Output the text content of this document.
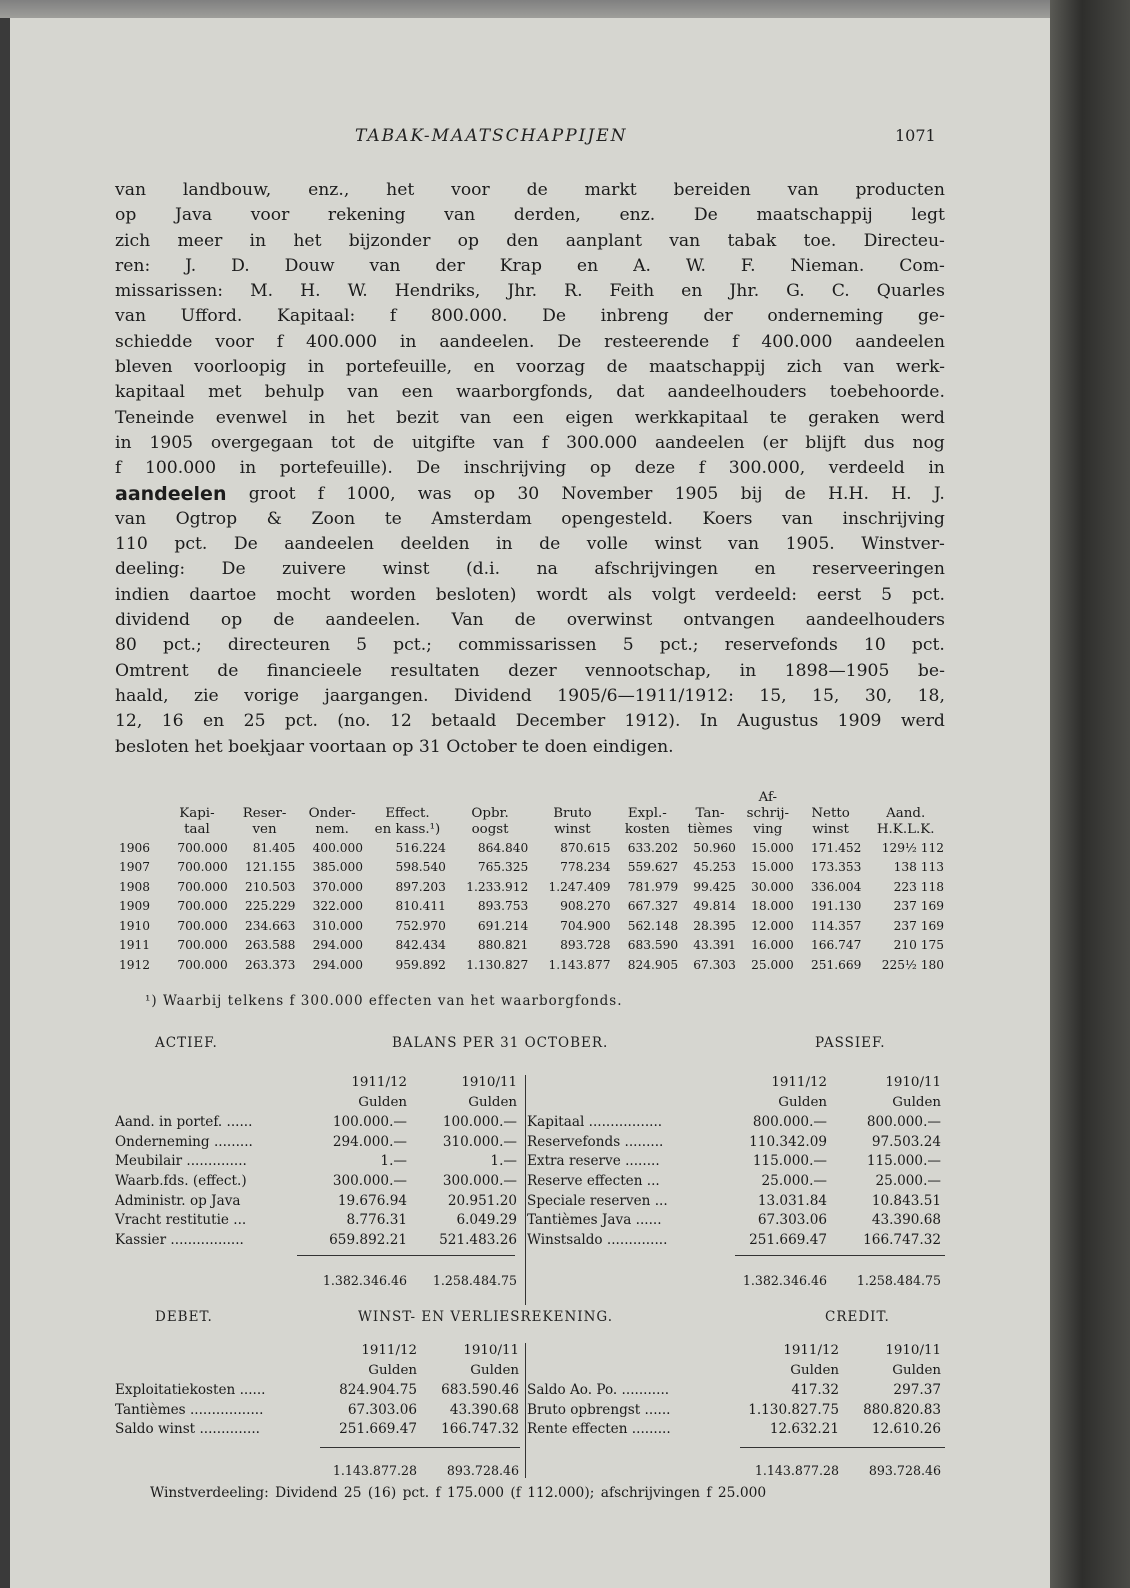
TABAK-MAATSCHAPPIJEN	1071
van landbouw, enz., het voor de markt bereiden van producten
op Java voor rekening van derden, enz. De maatschappij legt
zich meer in het bijzonder op den aanplant van tabak toe. Directeu-
ren: J. D. Douw van der Krap en A. W. F. Nieman. Com-
missarissen: M. H. W. Hendriks, Jhr. R. Feith en Jhr. G. C. Quarles
van Ufford. Kapitaal: f 800.000. De inbreng der onderneming ge-
schiedde voor f 400.000 in aandeelen. De resteerende f 400.000 aandeelen
bleven voorloopig in portefeuille, en voorzag de maatschappij zich van werk-
kapitaal met behulp van een waarborgfonds, dat aandeelhouders toebehoorde.
Teneinde evenwel in het bezit van een eigen werkkapitaal te geraken werd
in 1905 overgegaan tot de uitgifte van f 300.000 aandeelen (er blijft dus nog
f 100.000 in portefeuille). De inschrijving op deze f 300.000, verdeeld in
aandeelen groot f 1000, was op 30 November 1905 bij de H.H. H. J.
van Ogtrop & Zoon te Amsterdam opengesteld. Koers van inschrijving
110 pct. De aandeelen deelden in de volle winst van 1905. Winstver-
deeling: De zuivere winst (d.i. na afschrijvingen en reserveeringen
indien daartoe mocht worden besloten) wordt als volgt verdeeld: eerst 5 pct.
dividend op de aandeelen. Van de overwinst ontvangen aandeelhouders
80 pct.; directeuren 5 pct.; commissarissen 5 pct.; reservefonds 10 pct.
Omtrent de financieele resultaten dezer vennootschap, in 1898—1905 be-
haald, zie vorige jaargangen. Dividend 1905/6—1911/1912: 15, 15, 30, 18,
12, 16 en 25 pct. (no. 12 betaald December 1912). In Augustus 1909 werd
besloten het boekjaar voortaan op 31 October te doen eindigen.
									Af-		
	Kapi-	Reser-	Onder-	Effect.	Opbr.	Bruto	Expl.-	Tan-	schrij-	Netto	Aand.
	taal	ven	nem.	en kass.¹)	oogst	winst	kosten	tièmes	ving	winst	H.K.L.K.
1906	700.000	81.405	400.000	516.224	864.840	870.615	633.202	50.960	15.000	171.452	129½ 112
1907	700.000	121.155	385.000	598.540	765.325	778.234	559.627	45.253	15.000	173.353	138 113
1908	700.000	210.503	370.000	897.203	1.233.912	1.247.409	781.979	99.425	30.000	336.004	223 118
1909	700.000	225.229	322.000	810.411	893.753	908.270	667.327	49.814	18.000	191.130	237 169
1910	700.000	234.663	310.000	752.970	691.214	704.900	562.148	28.395	12.000	114.357	237 169
1911	700.000	263.588	294.000	842.434	880.821	893.728	683.590	43.391	16.000	166.747	210 175
1912	700.000	263.373	294.000	959.892	1.130.827	1.143.877	824.905	67.303	25.000	251.669	225½ 180
¹) Waarbij telkens f 300.000 effecten van het waarborgfonds.
ACTIEF.	BALANS PER 31 OCTOBER.	PASSIEF.
1911/12	1910/11
Gulden	Gulden
Aand. in portef. ......	100.000.—	100.000.—
Onderneming .........	294.000.—	310.000.—
Meubilair ..............	1.—	1.—
Waarb.fds. (effect.)	300.000.—	300.000.—
Administr. op Java	19.676.94	20.951.20
Vracht restitutie ...	8.776.31	6.049.29
Kassier .................	659.892.21 521.483.26
1.382.346.46 1.258.484.75
1911/12	1910/11
Gulden	Gulden
Kapitaal .................	800.000.—	800.000.—
Reservefonds .........	110.342.09	97.503.24
Extra reserve ........	115.000.—	115.000.—
Reserve effecten ...	25.000.—	25.000.—
Speciale reserven ...	13.031.84	10.843.51
Tantièmes Java ......	67.303.06	43.390.68
Winstsaldo ..............	251.669.47	166.747.32
1.382.346.46 1.258.484.75
DEBET.	WINST- EN VERLIESREKENING.	CREDIT.
1911/12	1910/11
Gulden	Gulden
Exploitatiekosten ......	824.904.75 683.590.46
Tantièmes .................	67.303.06 43.390.68
Saldo winst ..............	251.669.47 166.747.32
1.143.877.28 893.728.46
1911/12	1910/11
Gulden	Gulden
Saldo Ao. Po. ...........	417.32	297.37
Bruto opbrengst ......	1.130.827.75 880.820.83
Rente effecten .........	12.632.21 12.610.26
1.143.877.28 893.728.46
Winstverdeeling: Dividend 25 (16) pct. f 175.000 (f 112.000); afschrijvingen f 25.000
